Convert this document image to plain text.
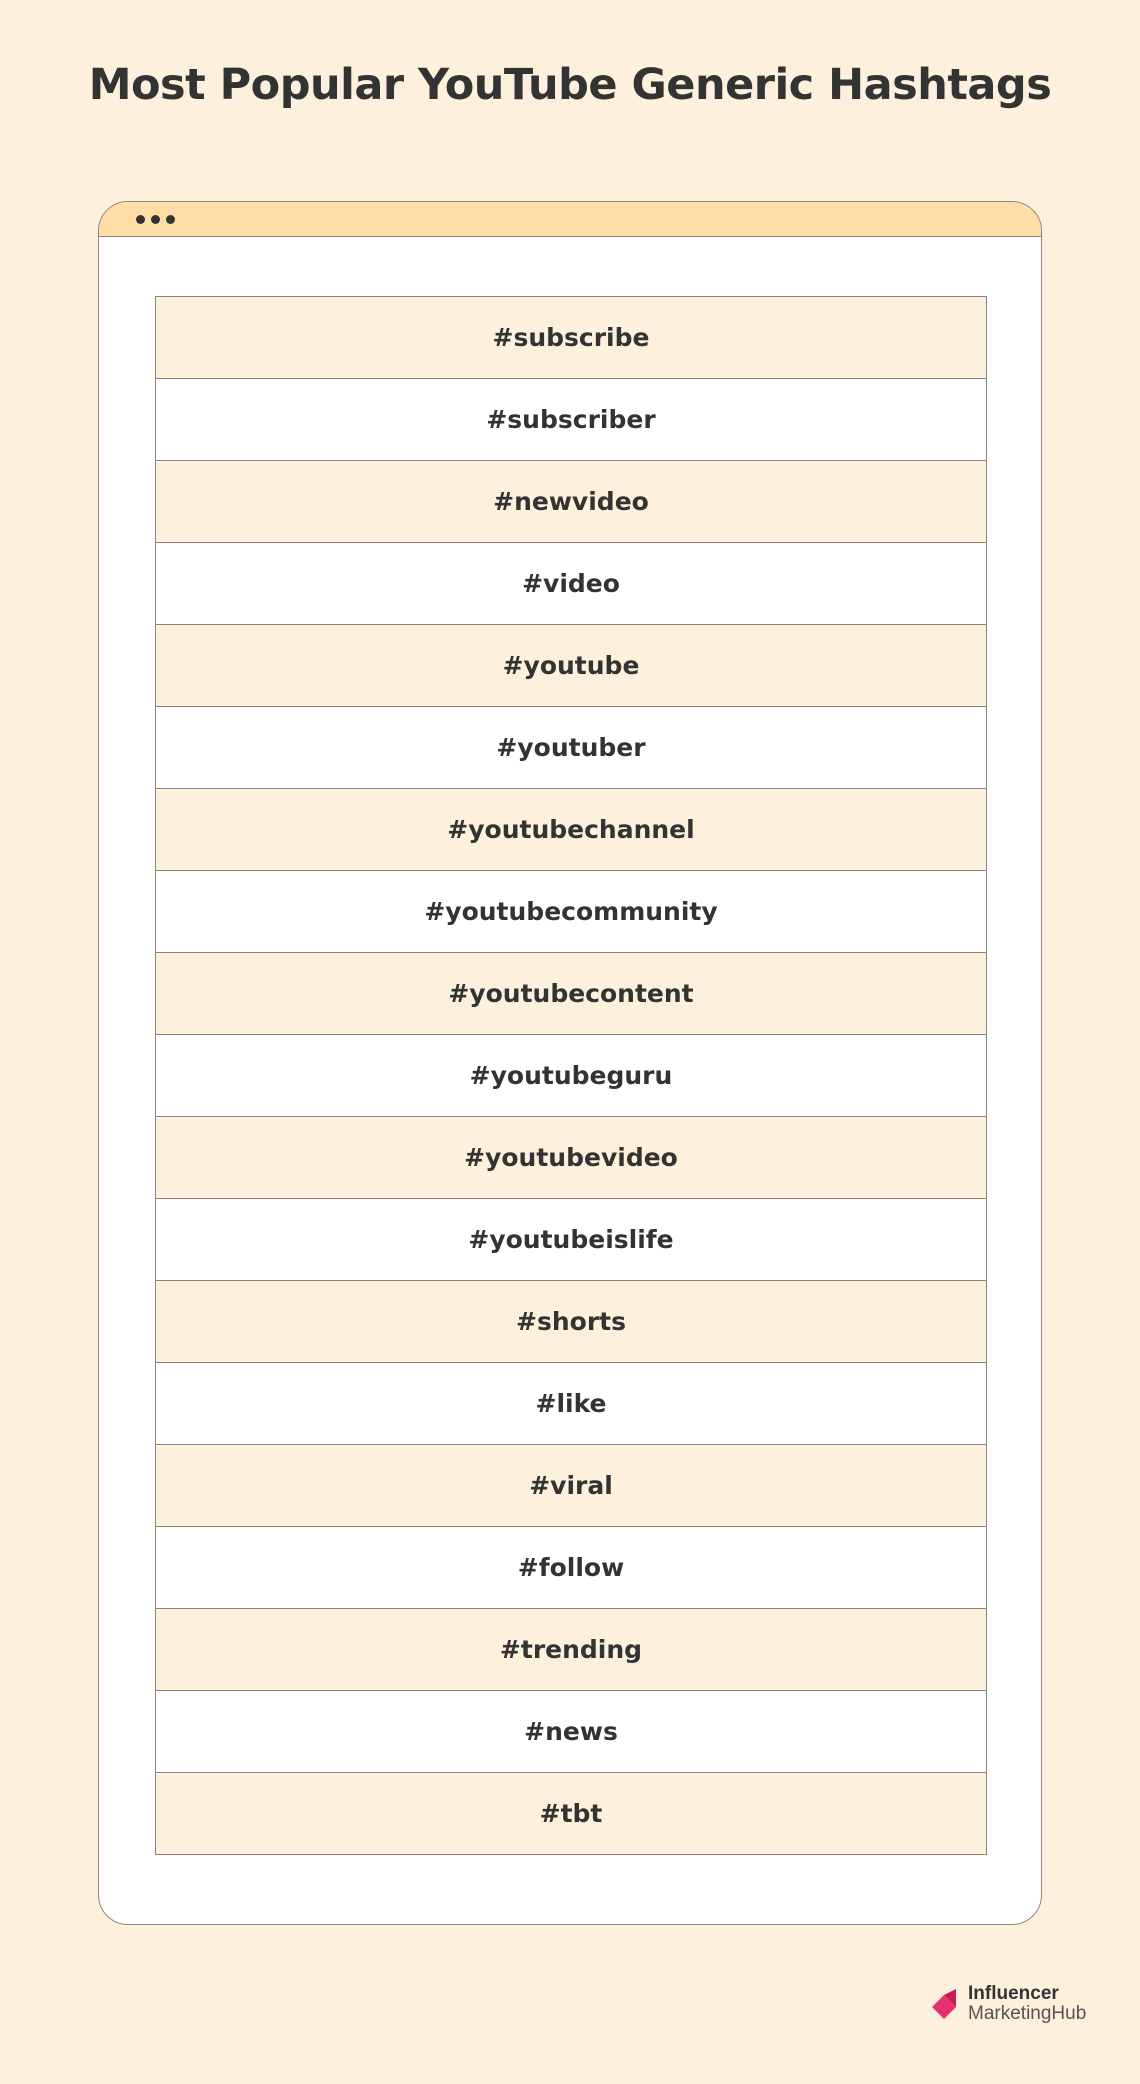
Most Popular YouTube Generic Hashtags
#subscribe
#subscriber
#newvideo
#video
#youtube
#youtuber
#youtubechannel
#youtubecommunity
#youtubecontent
#youtubeguru
#youtubevideo
#youtubeislife
#shorts
#like
#viral
#follow
#trending
#news
#tbt
Influencer
MarketingHub
